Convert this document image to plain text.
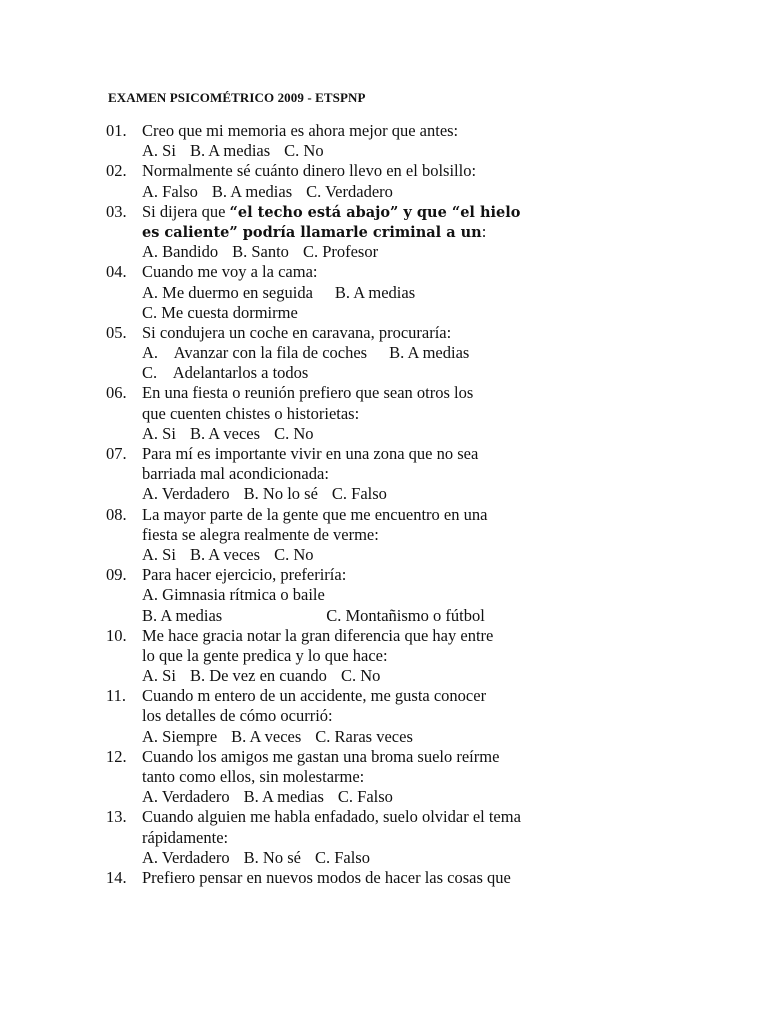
EXAMEN PSICOMÉTRICO 2009 - ETSPNP
01. Creo que mi memoria es ahora mejor que antes:
A. Si B. A medias C. No
02. Normalmente sé cuánto dinero llevo en el bolsillo:
A. Falso B. A medias C. Verdadero
03. Si dijera que “el techo está abajo” y que “el hielo
es caliente” podría llamarle criminal a un:
A. Bandido B. Santo C. Profesor
04. Cuando me voy a la cama:
A. Me duermo en seguida B. A medias
C. Me cuesta dormirme
05. Si condujera un coche en caravana, procuraría:
A.    Avanzar con la fila de coches B. A medias
C.    Adelantarlos a todos
06. En una fiesta o reunión prefiero que sean otros los
que cuenten chistes o historietas:
A. Si B. A veces C. No
07. Para mí es importante vivir en una zona que no sea
barriada mal acondicionada:
A. Verdadero B. No lo sé C. Falso
08. La mayor parte de la gente que me encuentro en una
fiesta se alegra realmente de verme:
A. Si B. A veces C. No
09. Para hacer ejercicio, preferiría:
A. Gimnasia rítmica o baile
B. A medias	C. Montañismo o fútbol
10. Me hace gracia notar la gran diferencia que hay entre
lo que la gente predica y lo que hace:
A. Si B. De vez en cuando C. No
11. Cuando m entero de un accidente, me gusta conocer
los detalles de cómo ocurrió:
A. Siempre B. A veces C. Raras veces
12. Cuando los amigos me gastan una broma suelo reírme
tanto como ellos, sin molestarme:
A. Verdadero B. A medias C. Falso
13. Cuando alguien me habla enfadado, suelo olvidar el tema
rápidamente:
A. Verdadero B. No sé C. Falso
14. Prefiero pensar en nuevos modos de hacer las cosas que
